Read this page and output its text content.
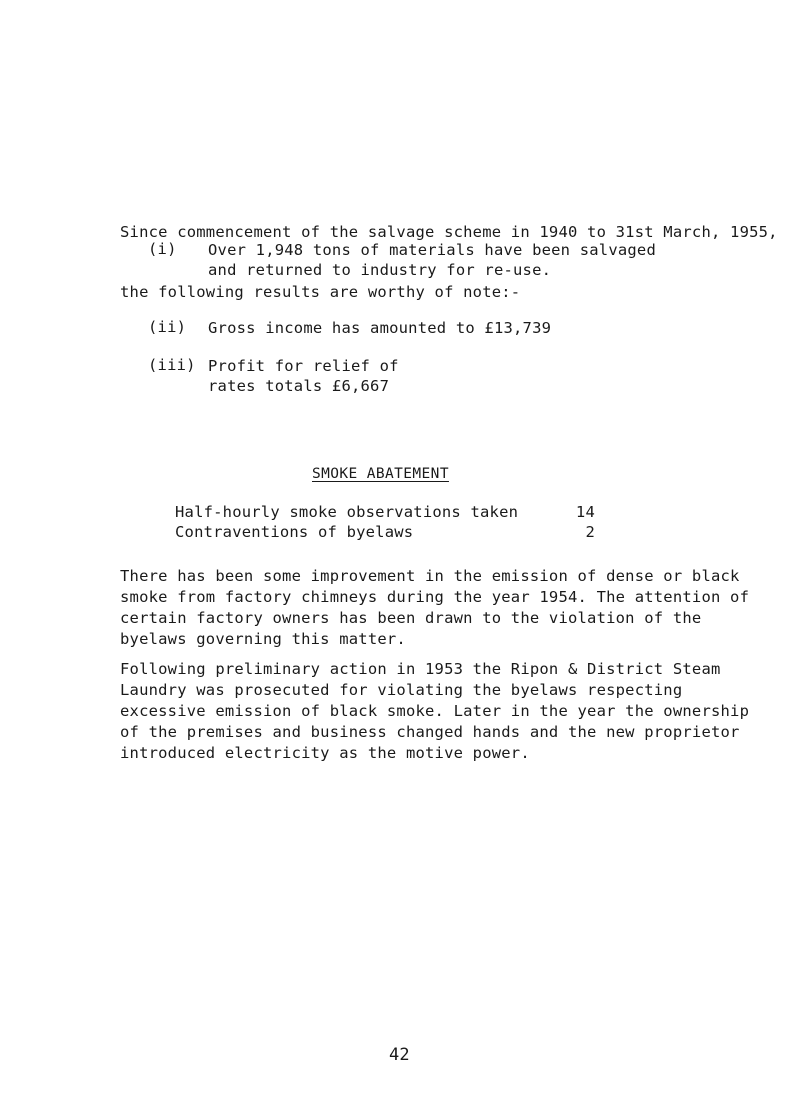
Since commencement of the salvage scheme in 1940 to 31st March, 1955,

the following results are worthy of note:-

(i)	Over 1,948 tons of materials have been salvaged and returned to industry for re-use.
(ii)	Gross income has amounted to £13,739
(iii) Profit for relief of rates totals £6,667
SMOKE ABATEMENT
Half-hourly smoke observations taken	14
Contraventions of byelaws	2
There has been some improvement in the emission of dense or black smoke from factory chimneys during the year 1954. The attention of certain factory owners has been drawn to the violation of the byelaws governing this matter.
Following preliminary action in 1953 the Ripon & District Steam Laundry was prosecuted for violating the byelaws respecting excessive emission of black smoke. Later in the year the ownership of the premises and business changed hands and the new proprietor introduced electricity as the motive power.
42
